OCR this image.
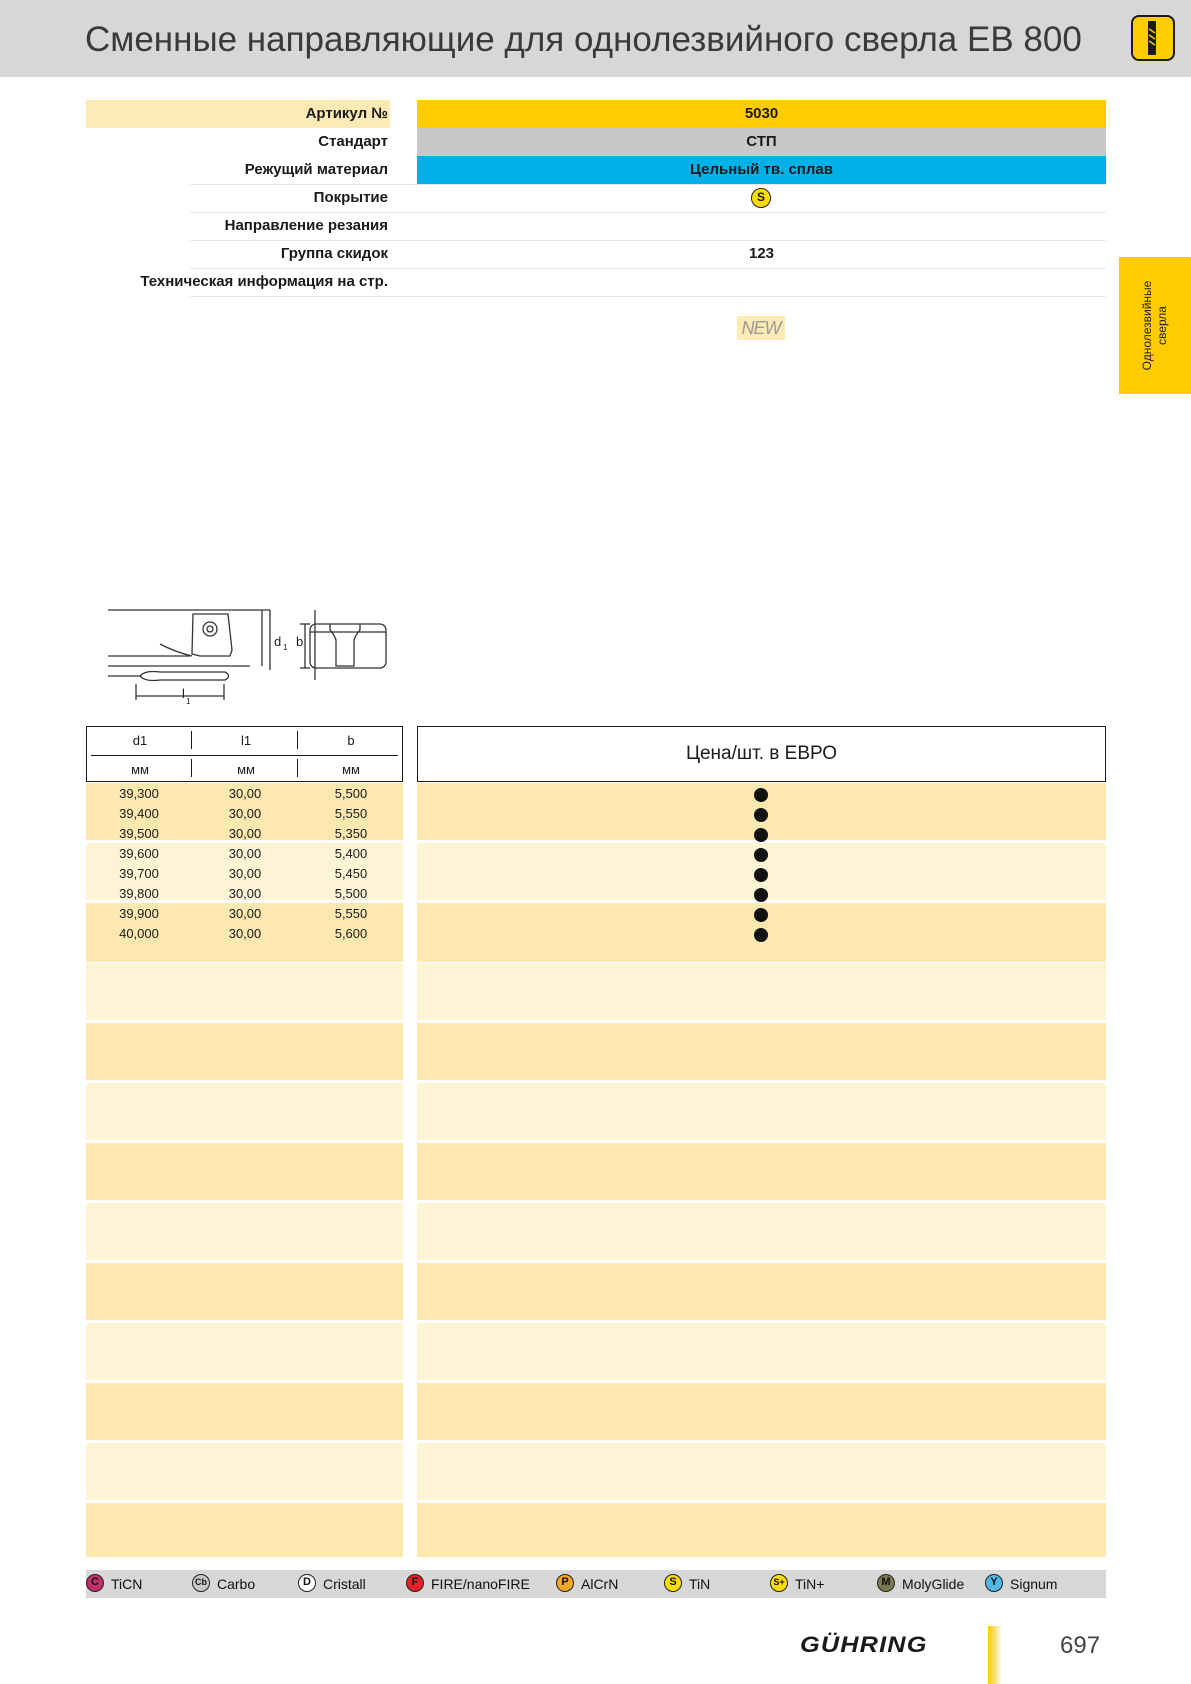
Сменные направляющие для однолезвийного сверла EB 800
Однолезвийные сверла
Артикул №	5030
Стандарт	СТП
Режущий материал	Цельный тв. сплав
Покрытие	S
Направление резания
Группа скидок	123
Техническая информация на стр.
NEW
d 1 b
l
1
d1	l1	b
мм	мм	мм
Цена/шт. в ЕВРО
39,300	30,00	5,500
39,400	30,00	5,550
39,500	30,00	5,350
39,600	30,00	5,400
39,700	30,00	5,450
39,800	30,00	5,500
39,900	30,00	5,550
40,000	30,00	5,600
C TiCN	Cb Carbo	D Cristall	F FIRE/nanoFIRE	P AlCrN	S TiN	S+ TiN+	M MolyGlide	Y Signum
GÜHRING	697
